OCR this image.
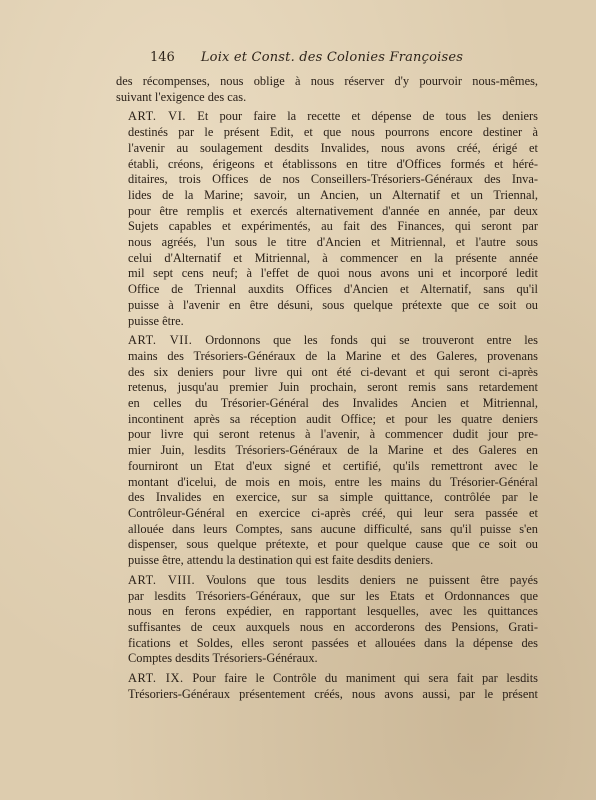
146 Loix et Const. des Colonies Françoises

des récompenses, nous oblige à nous réserver d'y pourvoir nous-mêmes,
suivant l'exigence des cas.

ART. VI. Et pour faire la recette et dépense de tous les deniers
destinés par le présent Edit, et que nous pourrons encore destiner à
l'avenir au soulagement desdits Invalides, nous avons créé, érigé et
établi, créons, érigeons et établissons en titre d'Offices formés et héré-
ditaires, trois Offices de nos Conseillers-Trésoriers-Généraux des Inva-
lides de la Marine; savoir, un Ancien, un Alternatif et un Triennal,
pour être remplis et exercés alternativement d'année en année, par deux
Sujets capables et expérimentés, au fait des Finances, qui seront par
nous agréés, l'un sous le titre d'Ancien et Mitriennal, et l'autre sous
celui d'Alternatif et Mitriennal, à commencer en la présente année
mil sept cens neuf; à l'effet de quoi nous avons uni et incorporé ledit
Office de Triennal auxdits Offices d'Ancien et Alternatif, sans qu'il
puisse à l'avenir en être désuni, sous quelque prétexte que ce soit ou
puisse être.

ART. VII. Ordonnons que les fonds qui se trouveront entre les
mains des Trésoriers-Généraux de la Marine et des Galeres, provenans
des six deniers pour livre qui ont été ci-devant et qui seront ci-après
retenus, jusqu'au premier Juin prochain, seront remis sans retardement
en celles du Trésorier-Général des Invalides Ancien et Mitriennal,
incontinent après sa réception audit Office; et pour les quatre deniers
pour livre qui seront retenus à l'avenir, à commencer dudit jour pre-
mier Juin, lesdits Trésoriers-Généraux de la Marine et des Galeres en
fourniront un Etat d'eux signé et certifié, qu'ils remettront avec le
montant d'icelui, de mois en mois, entre les mains du Trésorier-Général
des Invalides en exercice, sur sa simple quittance, contrôlée par le
Contrôleur-Général en exercice ci-après créé, qui leur sera passée et
allouée dans leurs Comptes, sans aucune difficulté, sans qu'il puisse s'en
dispenser, sous quelque prétexte, et pour quelque cause que ce soit ou
puisse être, attendu la destination qui est faite desdits deniers.

ART. VIII. Voulons que tous lesdits deniers ne puissent être payés
par lesdits Trésoriers-Généraux, que sur les Etats et Ordonnances que
nous en ferons expédier, en rapportant lesquelles, avec les quittances
suffisantes de ceux auxquels nous en accorderons des Pensions, Grati-
fications et Soldes, elles seront passées et allouées dans la dépense des
Comptes desdits Trésoriers-Généraux.

ART. IX. Pour faire le Contrôle du maniment qui sera fait par lesdits
Trésoriers-Généraux présentement créés, nous avons aussi, par le présent
